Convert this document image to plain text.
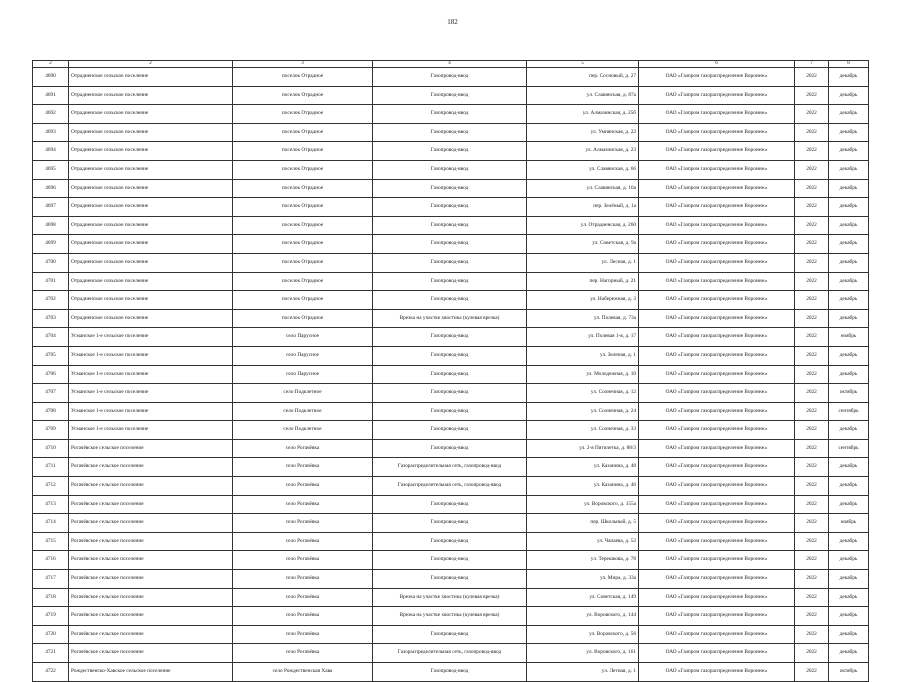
182
2	2	3	4	5	6	7	8
4690	Отрадненское сельское поселение	поселок Отрадное	Газопровод-ввод	пер. Сосновый, д. 27	ОАО «Газпром газораспределение Воронеж»	2022	декабрь
4691	Отрадненское сельское поселение	поселок Отрадное	Газопровод-ввод	ул. Славянская, д. 87а	ОАО «Газпром газораспределение Воронеж»	2022	декабрь
4692	Отрадненское сельское поселение	поселок Отрадное	Газопровод-ввод	ул. Алмазинская, д. 25б	ОАО «Газпром газораспределение Воронеж»	2022	декабрь
4693	Отрадненское сельское поселение	поселок Отрадное	Газопровод-ввод	ул. Умнянская, д. 22	ОАО «Газпром газораспределение Воронеж»	2022	декабрь
4694	Отрадненское сельское поселение	поселок Отрадное	Газопровод-ввод	ул. Алмазинская, д. 23	ОАО «Газпром газораспределение Воронеж»	2022	декабрь
4695	Отрадненское сельское поселение	поселок Отрадное	Газопровод-ввод	ул. Славянская, д. 66	ОАО «Газпром газораспределение Воронеж»	2022	декабрь
4696	Отрадненское сельское поселение	поселок Отрадное	Газопровод-ввод	ул. Славянская, д. 10а	ОАО «Газпром газораспределение Воронеж»	2022	декабрь
4697	Отрадненское сельское поселение	поселок Отрадное	Газопровод-ввод	пер. Зелёный, д. 1а	ОАО «Газпром газораспределение Воронеж»	2022	декабрь
4698	Отрадненское сельское поселение	поселок Отрадное	Газопровод-ввод	ул. Отрадненская, д. 260	ОАО «Газпром газораспределение Воронеж»	2022	декабрь
4699	Отрадненское сельское поселение	поселок Отрадное	Газопровод-ввод	ул. Советская, д. 9а	ОАО «Газпром газораспределение Воронеж»	2022	декабрь
4700	Отрадненское сельское поселение	поселок Отрадное	Газопровод-ввод	ул. Лесная, д. 1	ОАО «Газпром газораспределение Воронеж»	2022	декабрь
4701	Отрадненское сельское поселение	поселок Отрадное	Газопровод-ввод	пер. Нагорный, д. 21	ОАО «Газпром газораспределение Воронеж»	2022	декабрь
4702	Отрадненское сельское поселение	поселок Отрадное	Газопровод-ввод	ул. Набережная, д. 3	ОАО «Газпром газораспределение Воронеж»	2022	декабрь
4703	Отрадненское сельское поселение	поселок Отрадное	Врезка на участке хвостика (кулевая врезка)	ул. Полевая, д. 73а	ОАО «Газпром газораспределение Воронеж»	2022	декабрь
4704	Усманское 1-е сельское поселение	село Парусное	Газопровод-ввод	ул. Полевая 1-я, д. 17	ОАО «Газпром газораспределение Воронеж»	2022	ноябрь
4705	Усманское 1-е сельское поселение	село Парусное	Газопровод-ввод	ул. Зеленая, д. 1	ОАО «Газпром газораспределение Воронеж»	2022	декабрь
4706	Усманское 1-е сельское поселение	село Парусное	Газопровод-ввод	ул. Молодежная, д. 10	ОАО «Газпром газораспределение Воронеж»	2022	декабрь
4707	Усманское 1-е сельское поселение	село Подклетное	Газопровод-ввод	ул. Солнечная, д. 12	ОАО «Газпром газораспределение Воронеж»	2022	октябрь
4708	Усманское 1-е сельское поселение	село Подклетное	Газопровод-ввод	ул. Солнечная, д. 24	ОАО «Газпром газораспределение Воронеж»	2022	сентябрь
4709	Усманское 1-е сельское поселение	село Подклетное	Газопровод-ввод	ул. Солнечная, д. 33	ОАО «Газпром газораспределение Воронеж»	2022	декабрь
4710	Рогачёвское сельское поселение	село Рогачёвка	Газопровод-ввод	ул. 2-я Пятилетка, д. 88/3	ОАО «Газпром газораспределение Воронеж»	2022	сентябрь
4711	Рогачёвское сельское поселение	село Рогачёвка	Газораспределительная сеть, газопровод-ввод	ул. Казанина, д. 48	ОАО «Газпром газораспределение Воронеж»	2022	декабрь
4712	Рогачёвское сельское поселение	село Рогачёвка	Газораспределительная сеть, газопровод-ввод	ул. Казанина, д. 46	ОАО «Газпром газораспределение Воронеж»	2022	декабрь
4713	Рогачёвское сельское поселение	село Рогачёвка	Газопровод-ввод	ул. Воровского, д. 155а	ОАО «Газпром газораспределение Воронеж»	2022	декабрь
4714	Рогачёвское сельское поселение	село Рогачёвка	Газопровод-ввод	пер. Школьный, д. 5	ОАО «Газпром газораспределение Воронеж»	2022	ноябрь
4715	Рогачёвское сельское поселение	село Рогачёвка	Газопровод-ввод	ул. Чапаева, д. 52	ОАО «Газпром газораспределение Воронеж»	2022	декабрь
4716	Рогачёвское сельское поселение	село Рогачёвка	Газопровод-ввод	ул. Терешкова, д. 78	ОАО «Газпром газораспределение Воронеж»	2022	декабрь
4717	Рогачёвское сельское поселение	село Рогачёвка	Газопровод-ввод	ул. Мира, д. 33а	ОАО «Газпром газораспределение Воронеж»	2022	декабрь
4718	Рогачёвское сельское поселение	село Рогачёвка	Врезка на участке хвостика (кулевая врезка)	ул. Советская, д. 149	ОАО «Газпром газораспределение Воронеж»	2022	декабрь
4719	Рогачёвское сельское поселение	село Рогачёвка	Врезка на участке хвостика (кулевая врезка)	ул. Воровского, д. 144	ОАО «Газпром газораспределение Воронеж»	2022	декабрь
4720	Рогачёвское сельское поселение	село Рогачёвка	Газопровод-ввод	ул. Воровского, д. 56	ОАО «Газпром газораспределение Воронеж»	2022	декабрь
4721	Рогачёвское сельское поселение	село Рогачёвка	Газораспределительная сеть, газопровод-ввод	ул. Воровского, д. 161	ОАО «Газпром газораспределение Воронеж»	2022	декабрь
4722	Рождественско-Хавское сельское поселение	село Рождественская Хава	Газопровод-ввод	ул. Летная, д. 1	ОАО «Газпром газораспределение Воронеж»	2022	октябрь
